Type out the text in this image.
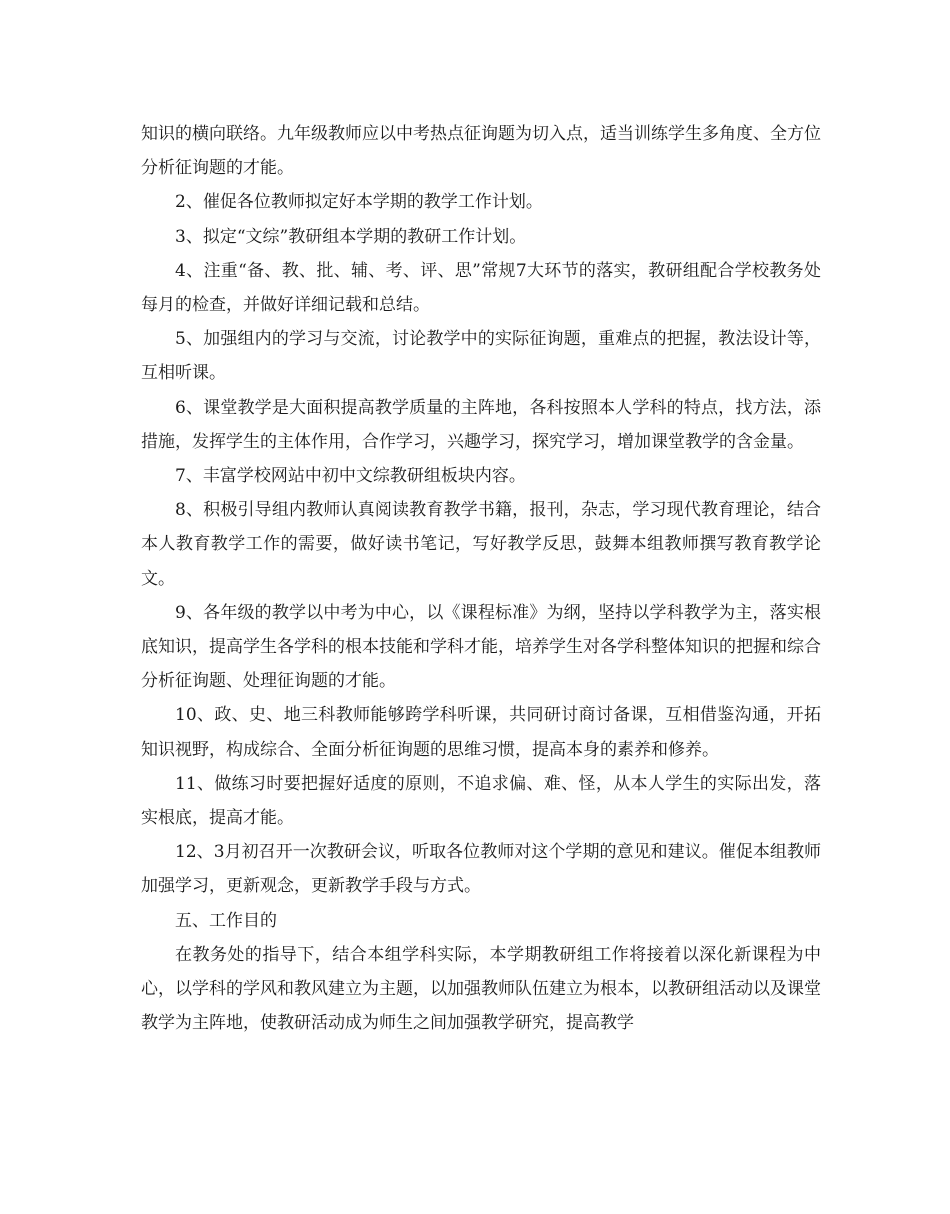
知识的横向联络。九年级教师应以中考热点征询题为切入点，适当训练学生多角度、全方位分析征询题的才能。

2、催促各位教师拟定好本学期的教学工作计划。

3、拟定“文综”教研组本学期的教研工作计划。

4、注重“备、教、批、辅、考、评、思”常规7大环节的落实，教研组配合学校教务处每月的检查，并做好详细记载和总结。

5、加强组内的学习与交流，讨论教学中的实际征询题，重难点的把握，教法设计等，互相听课。

6、课堂教学是大面积提高教学质量的主阵地，各科按照本人学科的特点，找方法，添措施，发挥学生的主体作用，合作学习，兴趣学习，探究学习，增加课堂教学的含金量。

7、丰富学校网站中初中文综教研组板块内容。

8、积极引导组内教师认真阅读教育教学书籍，报刊，杂志，学习现代教育理论，结合本人教育教学工作的需要，做好读书笔记，写好教学反思，鼓舞本组教师撰写教育教学论文。

9、各年级的教学以中考为中心，以《课程标准》为纲，坚持以学科教学为主，落实根底知识，提高学生各学科的根本技能和学科才能，培养学生对各学科整体知识的把握和综合分析征询题、处理征询题的才能。

10、政、史、地三科教师能够跨学科听课，共同研讨商讨备课，互相借鉴沟通，开拓知识视野，构成综合、全面分析征询题的思维习惯，提高本身的素养和修养。

11、做练习时要把握好适度的原则，不追求偏、难、怪，从本人学生的实际出发，落实根底，提高才能。

12、3月初召开一次教研会议，听取各位教师对这个学期的意见和建议。催促本组教师加强学习，更新观念，更新教学手段与方式。

五、工作目的

在教务处的指导下，结合本组学科实际，本学期教研组工作将接着以深化新课程为中心，以学科的学风和教风建立为主题，以加强教师队伍建立为根本，以教研组活动以及课堂教学为主阵地，使教研活动成为师生之间加强教学研究，提高教学
